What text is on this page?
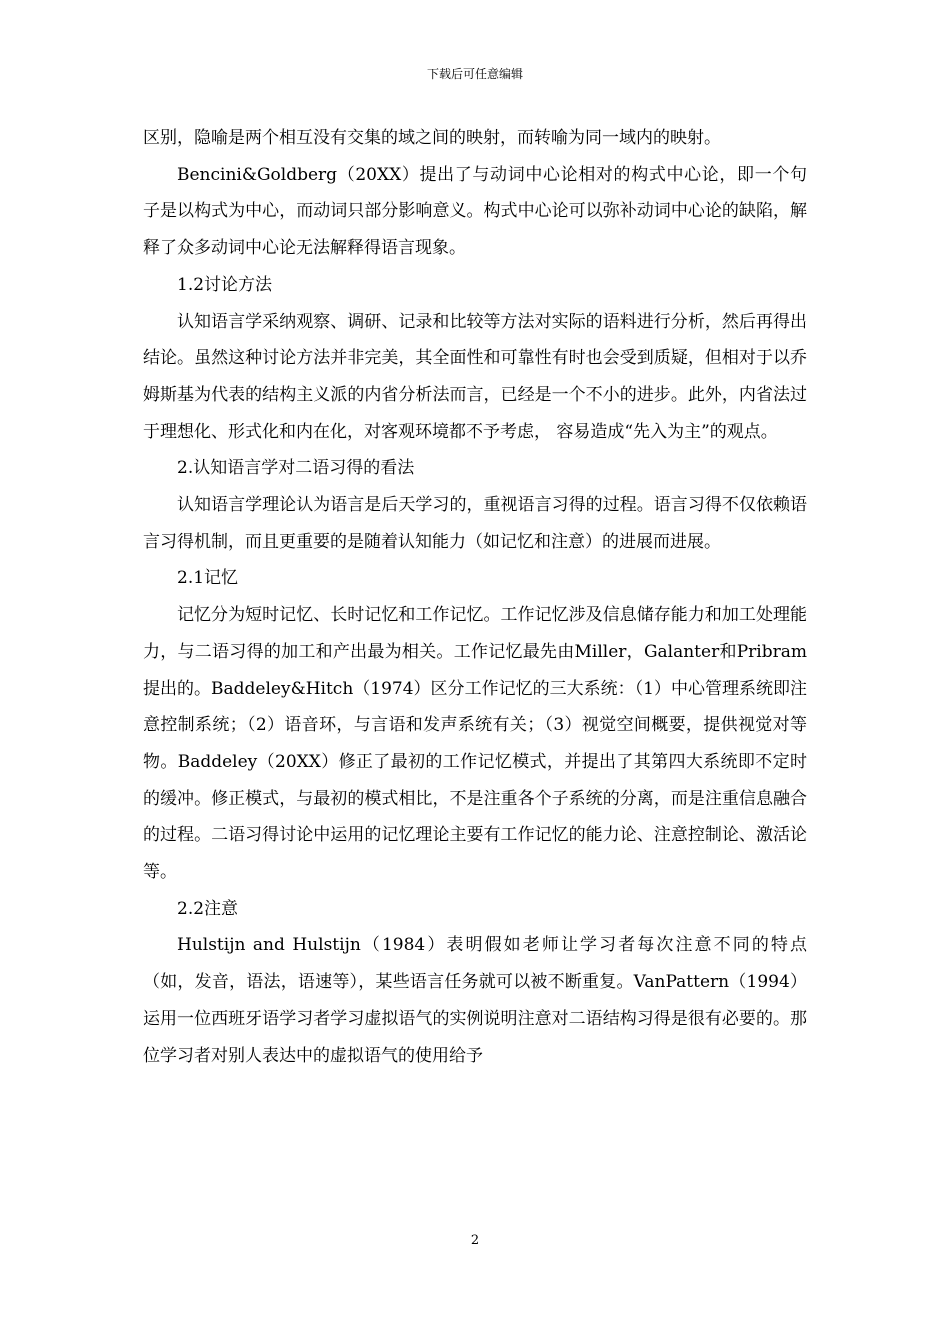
下载后可任意编辑

区别，隐喻是两个相互没有交集的域之间的映射，而转喻为同一域内的映射。

Bencini&Goldberg（20XX）提出了与动词中心论相对的构式中心论，即一个句子是以构式为中心，而动词只部分影响意义。构式中心论可以弥补动词中心论的缺陷，解释了众多动词中心论无法解释得语言现象。

1.2讨论方法

认知语言学采纳观察、调研、记录和比较等方法对实际的语料进行分析，然后再得出结论。虽然这种讨论方法并非完美，其全面性和可靠性有时也会受到质疑，但相对于以乔姆斯基为代表的结构主义派的内省分析法而言，已经是一个不小的进步。此外，内省法过于理想化、形式化和内在化，对客观环境都不予考虑， 容易造成“先入为主”的观点。

2.认知语言学对二语习得的看法

认知语言学理论认为语言是后天学习的，重视语言习得的过程。语言习得不仅依赖语言习得机制，而且更重要的是随着认知能力（如记忆和注意）的进展而进展。

2.1记忆

记忆分为短时记忆、长时记忆和工作记忆。工作记忆涉及信息储存能力和加工处理能力，与二语习得的加工和产出最为相关。工作记忆最先由Miller，Galanter和Pribram提出的。Baddeley&Hitch（1974）区分工作记忆的三大系统：（1）中心管理系统即注意控制系统；（2）语音环，与言语和发声系统有关；（3）视觉空间概要，提供视觉对等物。Baddeley（20XX）修正了最初的工作记忆模式，并提出了其第四大系统即不定时的缓冲。修正模式，与最初的模式相比，不是注重各个子系统的分离，而是注重信息融合的过程。二语习得讨论中运用的记忆理论主要有工作记忆的能力论、注意控制论、激活论等。

2.2注意

Hulstijn and Hulstijn（1984）表明假如老师让学习者每次注意不同的特点（如，发音，语法，语速等），某些语言任务就可以被不断重复。VanPattern（1994）运用一位西班牙语学习者学习虚拟语气的实例说明注意对二语结构习得是很有必要的。那位学习者对别人表达中的虚拟语气的使用给予

2
